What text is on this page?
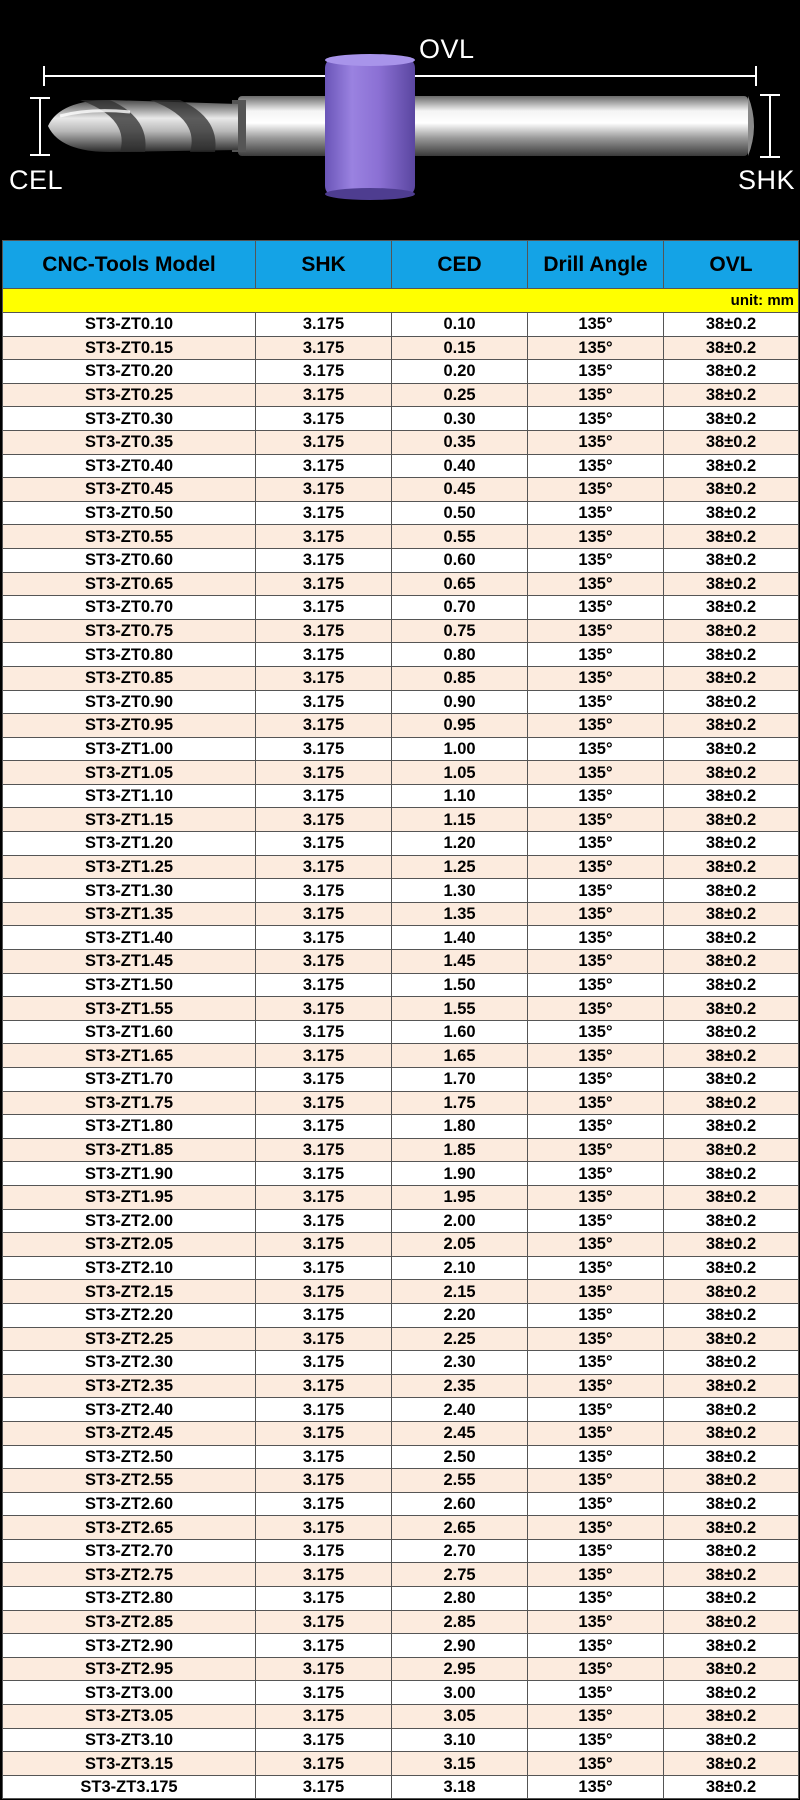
OVL
CEL	SHK
CNC-Tools Model	SHK	CED	Drill Angle	OVL
unit: mm				
ST3-ZT0.10	3.175	0.10	135°	38±0.2
ST3-ZT0.15	3.175	0.15	135°	38±0.2
ST3-ZT0.20	3.175	0.20	135°	38±0.2
ST3-ZT0.25	3.175	0.25	135°	38±0.2
ST3-ZT0.30	3.175	0.30	135°	38±0.2
ST3-ZT0.35	3.175	0.35	135°	38±0.2
ST3-ZT0.40	3.175	0.40	135°	38±0.2
ST3-ZT0.45	3.175	0.45	135°	38±0.2
ST3-ZT0.50	3.175	0.50	135°	38±0.2
ST3-ZT0.55	3.175	0.55	135°	38±0.2
ST3-ZT0.60	3.175	0.60	135°	38±0.2
ST3-ZT0.65	3.175	0.65	135°	38±0.2
ST3-ZT0.70	3.175	0.70	135°	38±0.2
ST3-ZT0.75	3.175	0.75	135°	38±0.2
ST3-ZT0.80	3.175	0.80	135°	38±0.2
ST3-ZT0.85	3.175	0.85	135°	38±0.2
ST3-ZT0.90	3.175	0.90	135°	38±0.2
ST3-ZT0.95	3.175	0.95	135°	38±0.2
ST3-ZT1.00	3.175	1.00	135°	38±0.2
ST3-ZT1.05	3.175	1.05	135°	38±0.2
ST3-ZT1.10	3.175	1.10	135°	38±0.2
ST3-ZT1.15	3.175	1.15	135°	38±0.2
ST3-ZT1.20	3.175	1.20	135°	38±0.2
ST3-ZT1.25	3.175	1.25	135°	38±0.2
ST3-ZT1.30	3.175	1.30	135°	38±0.2
ST3-ZT1.35	3.175	1.35	135°	38±0.2
ST3-ZT1.40	3.175	1.40	135°	38±0.2
ST3-ZT1.45	3.175	1.45	135°	38±0.2
ST3-ZT1.50	3.175	1.50	135°	38±0.2
ST3-ZT1.55	3.175	1.55	135°	38±0.2
ST3-ZT1.60	3.175	1.60	135°	38±0.2
ST3-ZT1.65	3.175	1.65	135°	38±0.2
ST3-ZT1.70	3.175	1.70	135°	38±0.2
ST3-ZT1.75	3.175	1.75	135°	38±0.2
ST3-ZT1.80	3.175	1.80	135°	38±0.2
ST3-ZT1.85	3.175	1.85	135°	38±0.2
ST3-ZT1.90	3.175	1.90	135°	38±0.2
ST3-ZT1.95	3.175	1.95	135°	38±0.2
ST3-ZT2.00	3.175	2.00	135°	38±0.2
ST3-ZT2.05	3.175	2.05	135°	38±0.2
ST3-ZT2.10	3.175	2.10	135°	38±0.2
ST3-ZT2.15	3.175	2.15	135°	38±0.2
ST3-ZT2.20	3.175	2.20	135°	38±0.2
ST3-ZT2.25	3.175	2.25	135°	38±0.2
ST3-ZT2.30	3.175	2.30	135°	38±0.2
ST3-ZT2.35	3.175	2.35	135°	38±0.2
ST3-ZT2.40	3.175	2.40	135°	38±0.2
ST3-ZT2.45	3.175	2.45	135°	38±0.2
ST3-ZT2.50	3.175	2.50	135°	38±0.2
ST3-ZT2.55	3.175	2.55	135°	38±0.2
ST3-ZT2.60	3.175	2.60	135°	38±0.2
ST3-ZT2.65	3.175	2.65	135°	38±0.2
ST3-ZT2.70	3.175	2.70	135°	38±0.2
ST3-ZT2.75	3.175	2.75	135°	38±0.2
ST3-ZT2.80	3.175	2.80	135°	38±0.2
ST3-ZT2.85	3.175	2.85	135°	38±0.2
ST3-ZT2.90	3.175	2.90	135°	38±0.2
ST3-ZT2.95	3.175	2.95	135°	38±0.2
ST3-ZT3.00	3.175	3.00	135°	38±0.2
ST3-ZT3.05	3.175	3.05	135°	38±0.2
ST3-ZT3.10	3.175	3.10	135°	38±0.2
ST3-ZT3.15	3.175	3.15	135°	38±0.2
ST3-ZT3.175	3.175	3.18	135°	38±0.2
